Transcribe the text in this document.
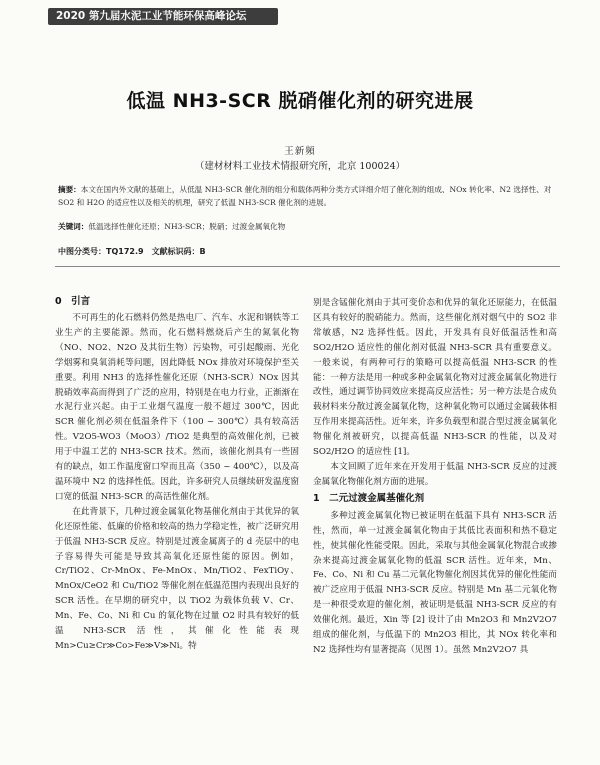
2020 第九届水泥工业节能环保高峰论坛
低温 NH3-SCR 脱硝催化剂的研究进展
王新頻
（建材材料工业技术情报研究所，北京 100024）
摘要：本文在国内外文献的基础上，从低温 NH3-SCR 催化剂的组分和载体两种分类方式详细介绍了催化剂的组成、NOx 转化率、N2 选择性、对 SO2 和 H2O 的适应性以及相关的机理，研究了低温 NH3-SCR 催化剂的进展。
关键词：低温选择性催化还原；NH3-SCR；脱硝；过渡金属氧化物
中图分类号：TQ172.9 文献标识码：B
0　引言

不可再生的化石燃料仍然是热电厂、汽车、水泥和钢铁等工业生产的主要能源。然而，化石燃料燃烧后产生的氮氧化物（NO、NO2、N2O 及其衍生物）污染物，可引起酸雨、光化学烟雾和臭氧消耗等问题，因此降低 NOx 排放对环境保护至关重要。利用 NH3 的选择性催化还原（NH3-SCR）NOx 因其脱硝效率高而得到了广泛的应用，特别是在电力行业，正渐渐在水泥行业兴起。由于工业烟气温度一般不超过 300℃，因此 SCR 催化剂必须在低温条件下（100 ~ 300℃）具有较高活性。V2O5-WO3（MoO3）/TiO2 是典型的高效催化剂，已被用于中温工艺的 NH3-SCR 技术。然而，该催化剂具有一些固有的缺点，如工作温度窗口窄而且高（350 ~ 400℃），以及高温环境中 N2 的选择性低。因此，许多研究人员继续研发温度窗口宽的低温 NH3-SCR 的高活性催化剂。

在此背景下，几种过渡金属氧化物基催化剂由于其优异的氧化还原性能、低廉的价格和较高的热力学稳定性，被广泛研究用于低温 NH3-SCR 反应。特别是过渡金属离子的 d 壳层中的电子容易得失可能是导致其高氧化还原性能的原因。例如，Cr/TiO2、Cr-MnOx、Fe-MnOx、Mn/TiO2、FexTiOy、MnOx/CeO2 和 Cu/TiO2 等催化剂在低温范围内表现出良好的 SCR 活性。在早期的研究中，以 TiO2 为载体负载 V、Cr、Mn、Fe、Co、Ni 和 Cu 的氧化物在过量 O2 时具有较好的低温 NH3-SCR 活性，其催化性能表现 Mn>Cu≥Cr≫Co>Fe≫V≫Ni。特

别是含锰催化剂由于其可变价态和优异的氧化还原能力，在低温区具有较好的脱硝能力。然而，这些催化剂对烟气中的 SO2 非常敏感，N2 选择性低。因此，开发具有良好低温活性和高 SO2/H2O 适应性的催化剂对低温 NH3-SCR 具有重要意义。一般来说，有两种可行的策略可以提高低温 NH3-SCR 的性能：一种方法是用一种或多种金属氧化物对过渡金属氧化物进行改性，通过调节协同效应来提高反应活性；另一种方法是合成负载材料来分散过渡金属氧化物，这种氧化物可以通过金属载体相互作用来提高活性。近年来，许多负载型和混合型过渡金属氧化物催化剂被研究，以提高低温 NH3-SCR 的性能，以及对 SO2/H2O 的适应性 [1]。

本文回顾了近年来在开发用于低温 NH3-SCR 反应的过渡金属氧化物催化剂方面的进展。

1　二元过渡金属基催化剂

多种过渡金属氧化物已被证明在低温下具有 NH3-SCR 活性，然而，单一过渡金属氧化物由于其低比表面积和热不稳定性，使其催化性能受限。因此，采取与其他金属氧化物混合或掺杂来提高过渡金属氧化物的低温 SCR 活性。近年来，Mn、Fe、Co、Ni 和 Cu 基二元氧化物催化剂因其优异的催化性能而被广泛应用于低温 NH3-SCR 反应。特别是 Mn 基二元氧化物是一种很受欢迎的催化剂，被证明是低温 NH3-SCR 反应的有效催化剂。最近，Xin 等 [2] 设计了由 Mn2O3 和 Mn2V2O7 组成的催化剂，与低温下的 Mn2O3 相比，其 NOx 转化率和 N2 选择性均有显著提高（见图 1）。虽然 Mn2V2O7 具
